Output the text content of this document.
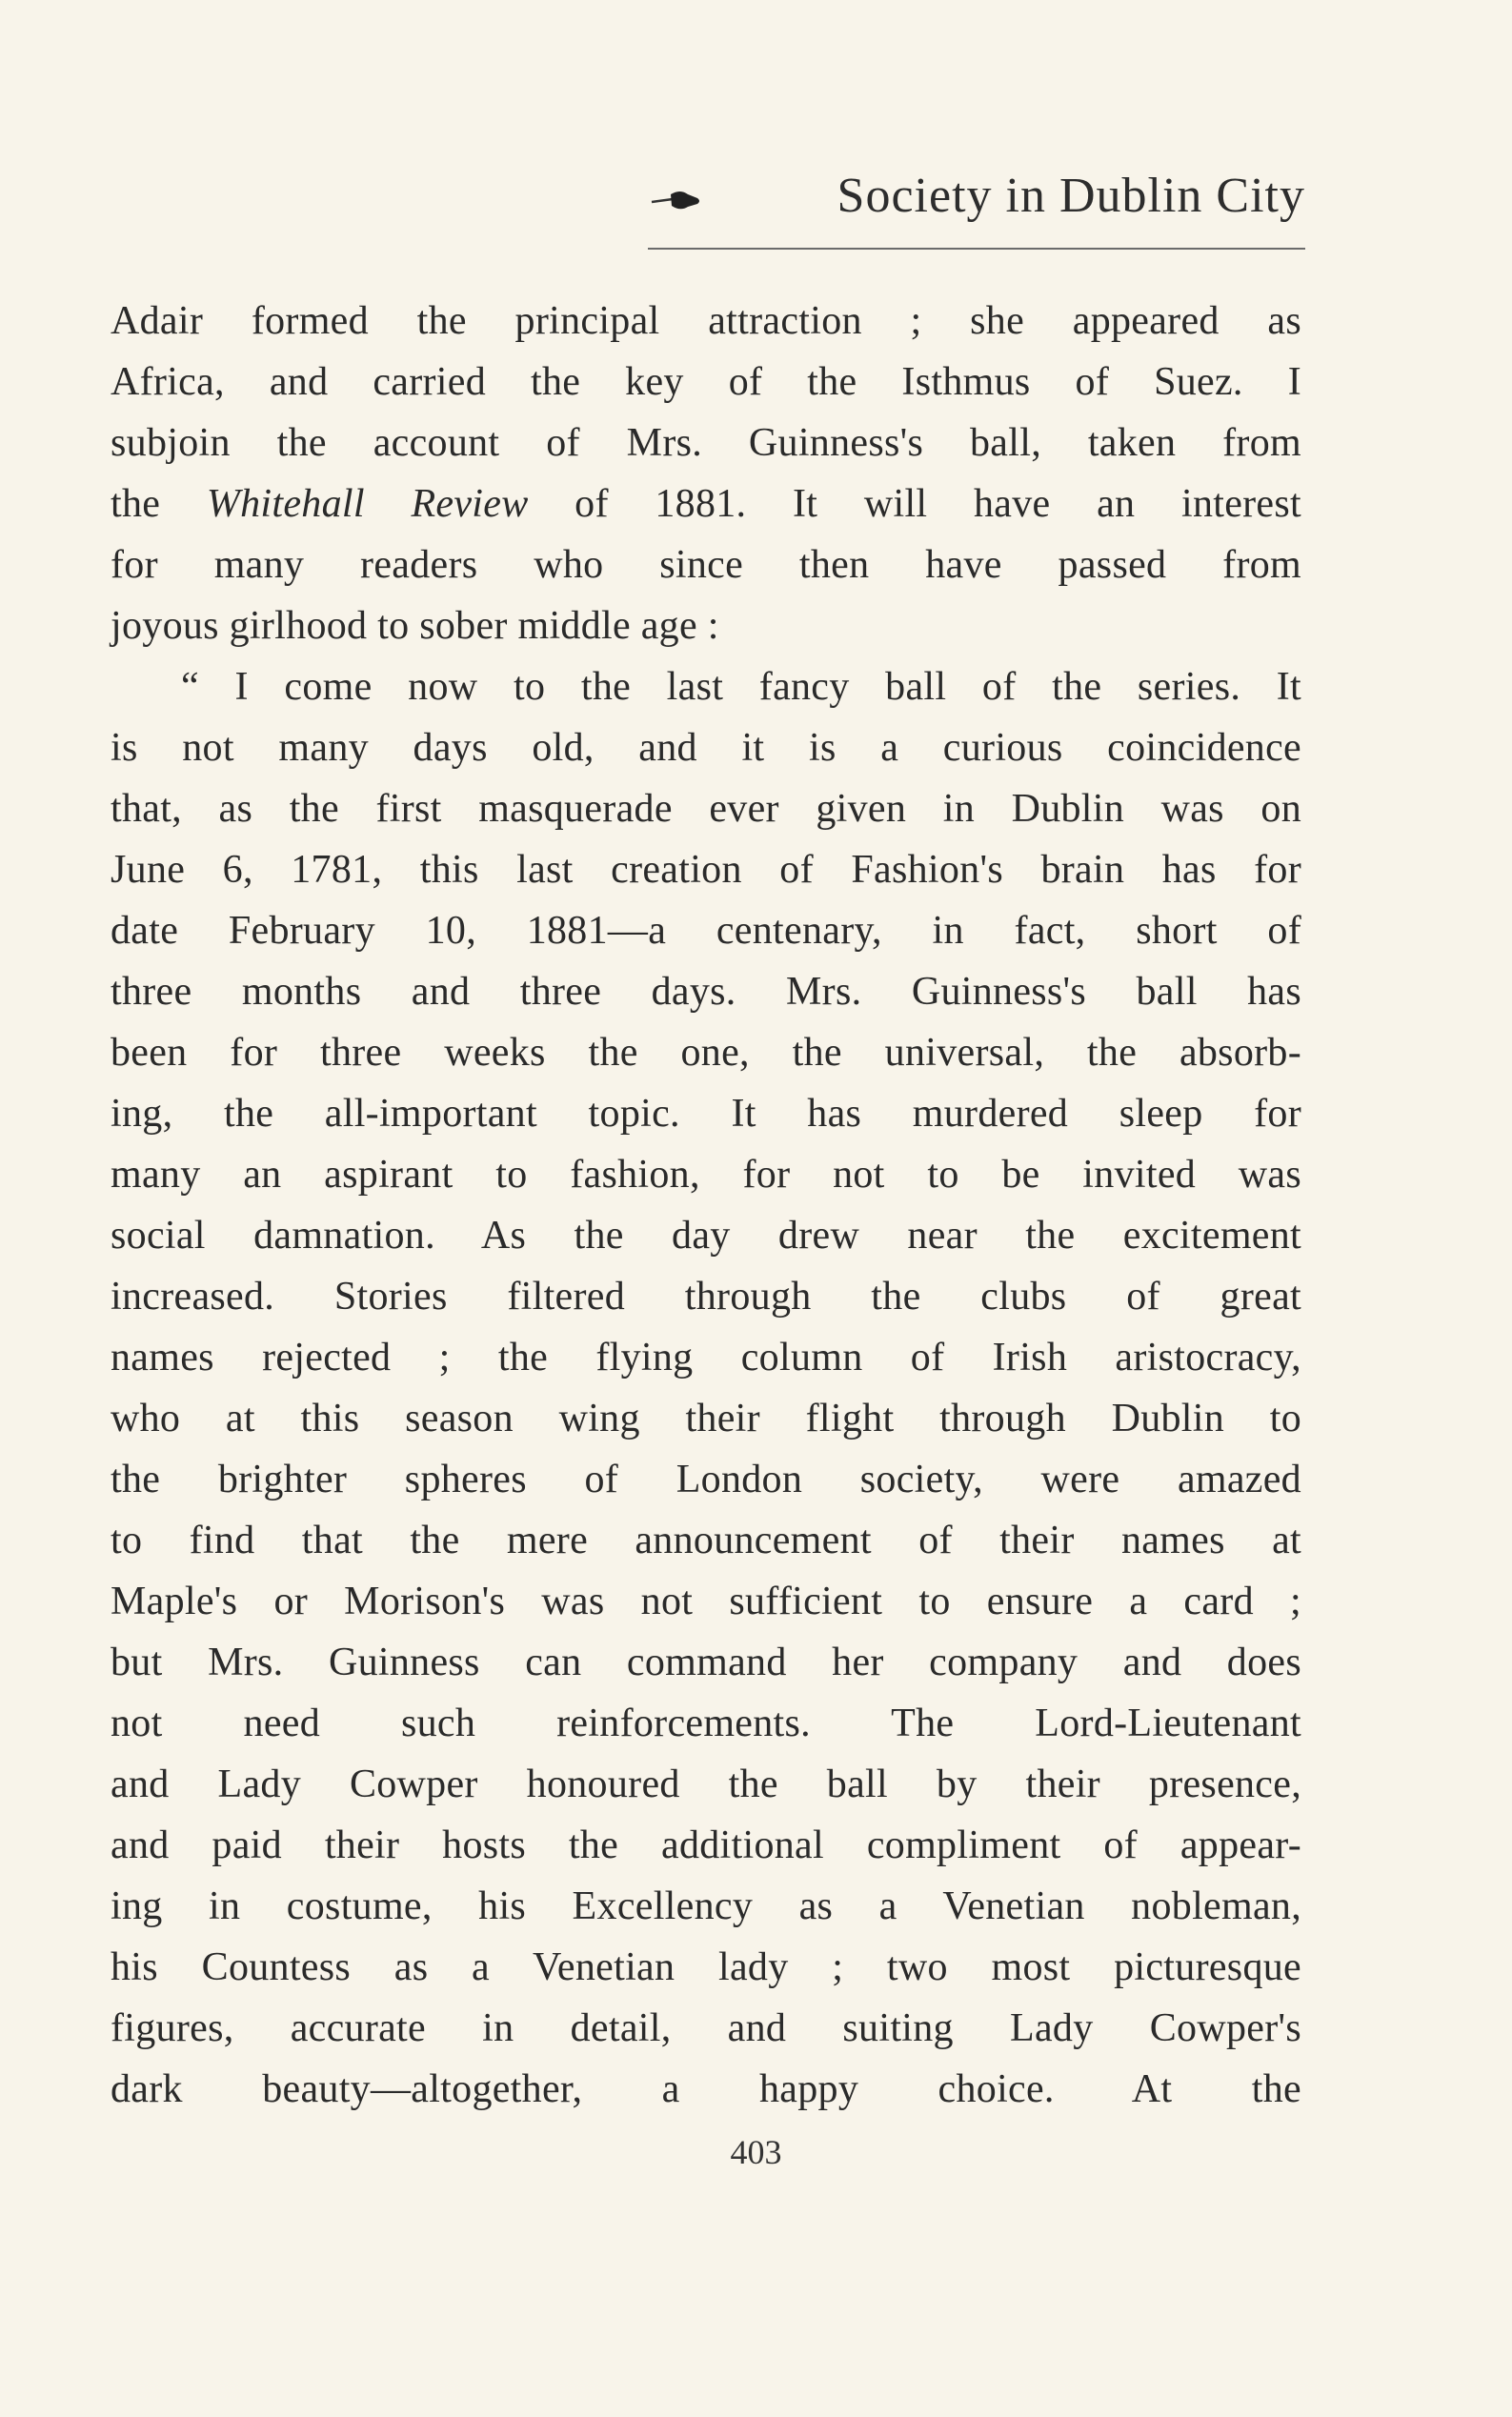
Society in Dublin City
Adair formed the principal attraction ; she appeared as
Africa, and carried the key of the Isthmus of Suez. I
subjoin the account of Mrs. Guinness's ball, taken from
the Whitehall Review of 1881. It will have an interest
for many readers who since then have passed from
joyous girlhood to sober middle age :
“ I come now to the last fancy ball of the series. It
is not many days old, and it is a curious coincidence
that, as the first masquerade ever given in Dublin was on
June 6, 1781, this last creation of Fashion's brain has for
date February 10, 1881—a centenary, in fact, short of
three months and three days. Mrs. Guinness's ball has
been for three weeks the one, the universal, the absorb-
ing, the all-important topic. It has murdered sleep for
many an aspirant to fashion, for not to be invited was
social damnation. As the day drew near the excitement
increased. Stories filtered through the clubs of great
names rejected ; the flying column of Irish aristocracy,
who at this season wing their flight through Dublin to
the brighter spheres of London society, were amazed
to find that the mere announcement of their names at
Maple's or Morison's was not sufficient to ensure a card ;
but Mrs. Guinness can command her company and does
not need such reinforcements. The Lord-Lieutenant
and Lady Cowper honoured the ball by their presence,
and paid their hosts the additional compliment of appear-
ing in costume, his Excellency as a Venetian nobleman,
his Countess as a Venetian lady ; two most picturesque
figures, accurate in detail, and suiting Lady Cowper's
dark beauty—altogether, a happy choice. At the
403
